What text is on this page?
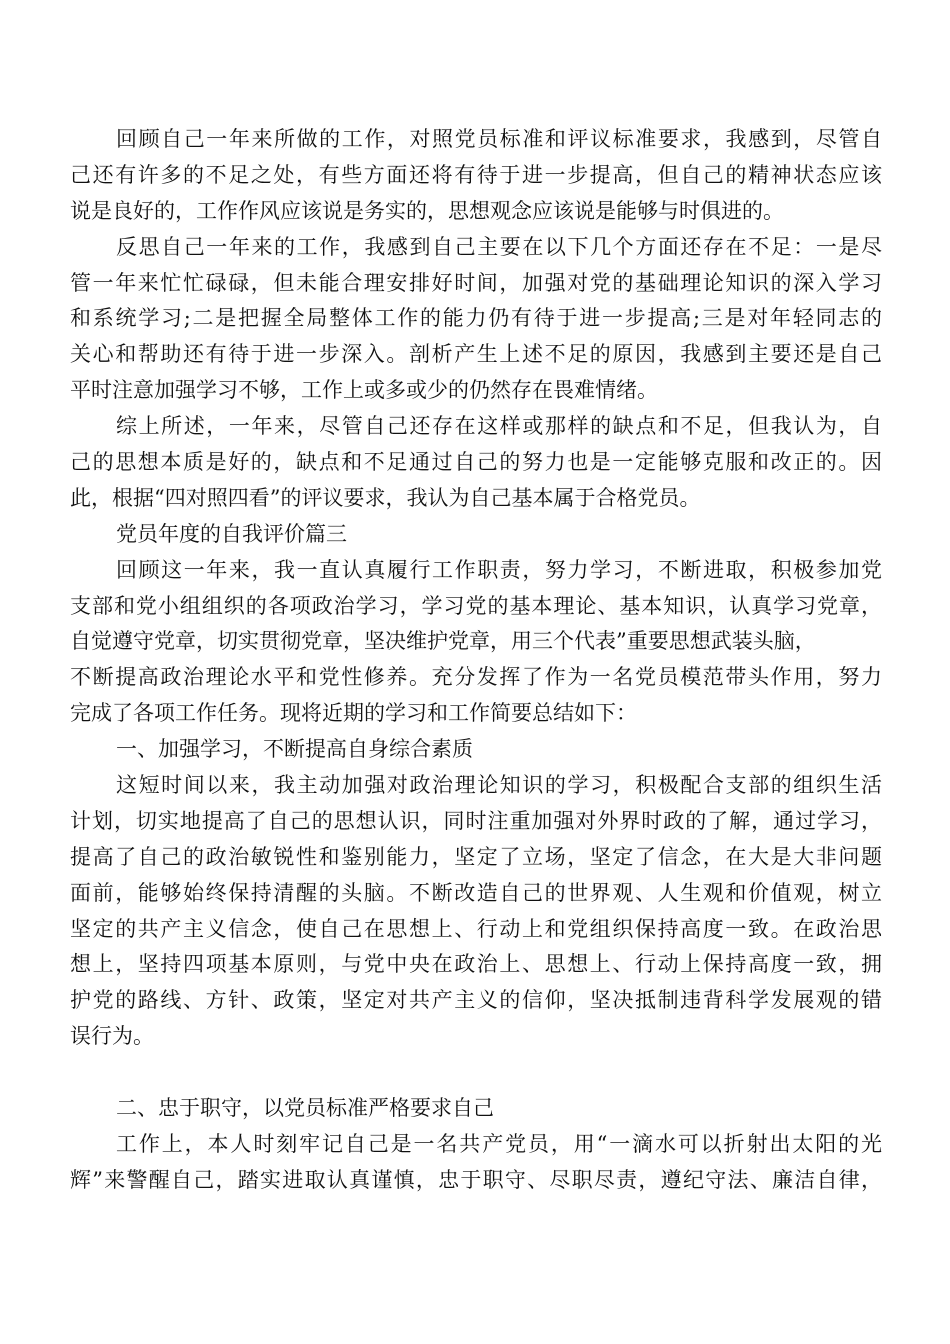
回顾自己一年来所做的工作，对照党员标准和评议标准要求，我感到，尽管自
己还有许多的不足之处，有些方面还将有待于进一步提高，但自己的精神状态应该
说是良好的，工作作风应该说是务实的，思想观念应该说是能够与时俱进的。
反思自己一年来的工作，我感到自己主要在以下几个方面还存在不足：一是尽
管一年来忙忙碌碌，但未能合理安排好时间，加强对党的基础理论知识的深入学习
和系统学习;二是把握全局整体工作的能力仍有待于进一步提高;三是对年轻同志的
关心和帮助还有待于进一步深入。剖析产生上述不足的原因，我感到主要还是自己
平时注意加强学习不够，工作上或多或少的仍然存在畏难情绪。
综上所述，一年来，尽管自己还存在这样或那样的缺点和不足，但我认为，自
己的思想本质是好的，缺点和不足通过自己的努力也是一定能够克服和改正的。因
此，根据“四对照四看”的评议要求，我认为自己基本属于合格党员。
党员年度的自我评价篇三
回顾这一年来，我一直认真履行工作职责，努力学习，不断进取，积极参加党
支部和党小组组织的各项政治学习，学习党的基本理论、基本知识，认真学习党章，
自觉遵守党章，切实贯彻党章，坚决维护党章，用三个代表”重要思想武装头脑，
不断提高政治理论水平和党性修养。充分发挥了作为一名党员模范带头作用，努力
完成了各项工作任务。现将近期的学习和工作简要总结如下：
一、加强学习，不断提高自身综合素质
这短时间以来，我主动加强对政治理论知识的学习，积极配合支部的组织生活
计划，切实地提高了自己的思想认识，同时注重加强对外界时政的了解，通过学习，
提高了自己的政治敏锐性和鉴别能力，坚定了立场，坚定了信念，在大是大非问题
面前，能够始终保持清醒的头脑。不断改造自己的世界观、人生观和价值观，树立
坚定的共产主义信念，使自己在思想上、行动上和党组织保持高度一致。在政治思
想上，坚持四项基本原则，与党中央在政治上、思想上、行动上保持高度一致，拥
护党的路线、方针、政策，坚定对共产主义的信仰，坚决抵制违背科学发展观的错
误行为。
二、忠于职守，以党员标准严格要求自己
工作上，本人时刻牢记自己是一名共产党员，用“一滴水可以折射出太阳的光
辉”来警醒自己，踏实进取认真谨慎，忠于职守、尽职尽责，遵纪守法、廉洁自律，
